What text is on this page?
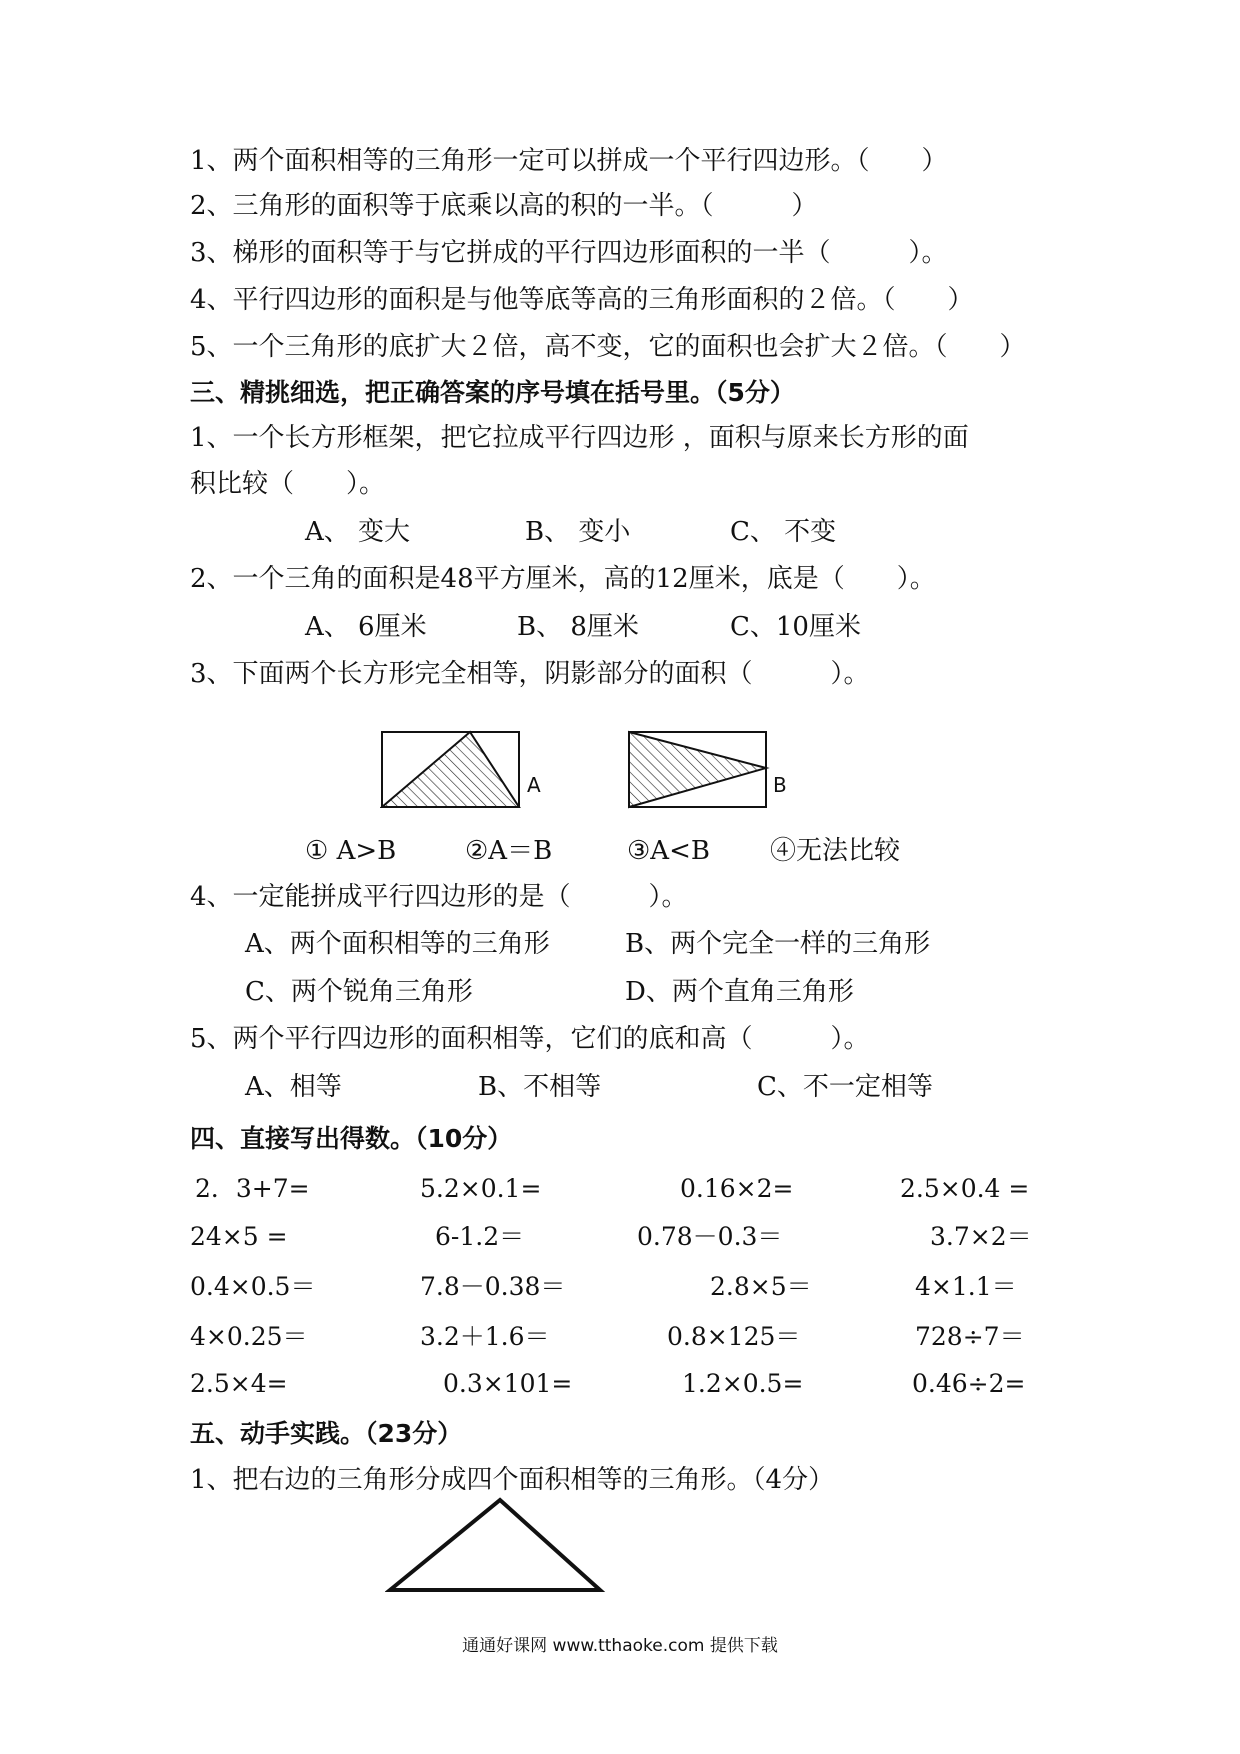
1、两个面积相等的三角形一定可以拼成一个平行四边形。（　　）
2、三角形的面积等于底乘以高的积的一半。（　　　）
3、梯形的面积等于与它拼成的平行四边形面积的一半（　　　）。
4、平行四边形的面积是与他等底等高的三角形面积的２倍。（　　）
5、一个三角形的底扩大２倍，高不变，它的面积也会扩大２倍。（　　）
三、精挑细选，把正确答案的序号填在括号里。（5分）
1、一个长方形框架，把它拉成平行四边形 ，面积与原来长方形的面
积比较（　　）。
A、 变大	B、 变小	C、 不变
2、一个三角的面积是48平方厘米，高的12厘米，底是（　　）。
A、 6厘米	B、 8厘米	C、10厘米
3、下面两个长方形完全相等，阴影部分的面积（　　　）。
A	B
① A>B	②A＝B	③A<B ④无法比较
4、一定能拼成平行四边形的是（　　　）。
A、两个面积相等的三角形	B、两个完全一样的三角形
C、两个锐角三角形	D、两个直角三角形
5、两个平行四边形的面积相等，它们的底和高（　　　）。
A、相等	B、不相等	C、不一定相等
四、直接写出得数。（10分）
2．3+7=	5.2×0.1=	0.16×2=	2.5×0.4 =
24×5 =	6-1.2＝	0.78－0.3＝	3.7×2＝
0.4×0.5＝	7.8－0.38＝	2.8×5＝	4×1.1＝
4×0.25＝	3.2＋1.6＝	0.8×125＝	728÷7＝
2.5×4=	0.3×101=	1.2×0.5=	0.46÷2=
五、动手实践。（23分）
1、把右边的三角形分成四个面积相等的三角形。（4分）
通通好课网 www.tthaoke.com 提供下载
